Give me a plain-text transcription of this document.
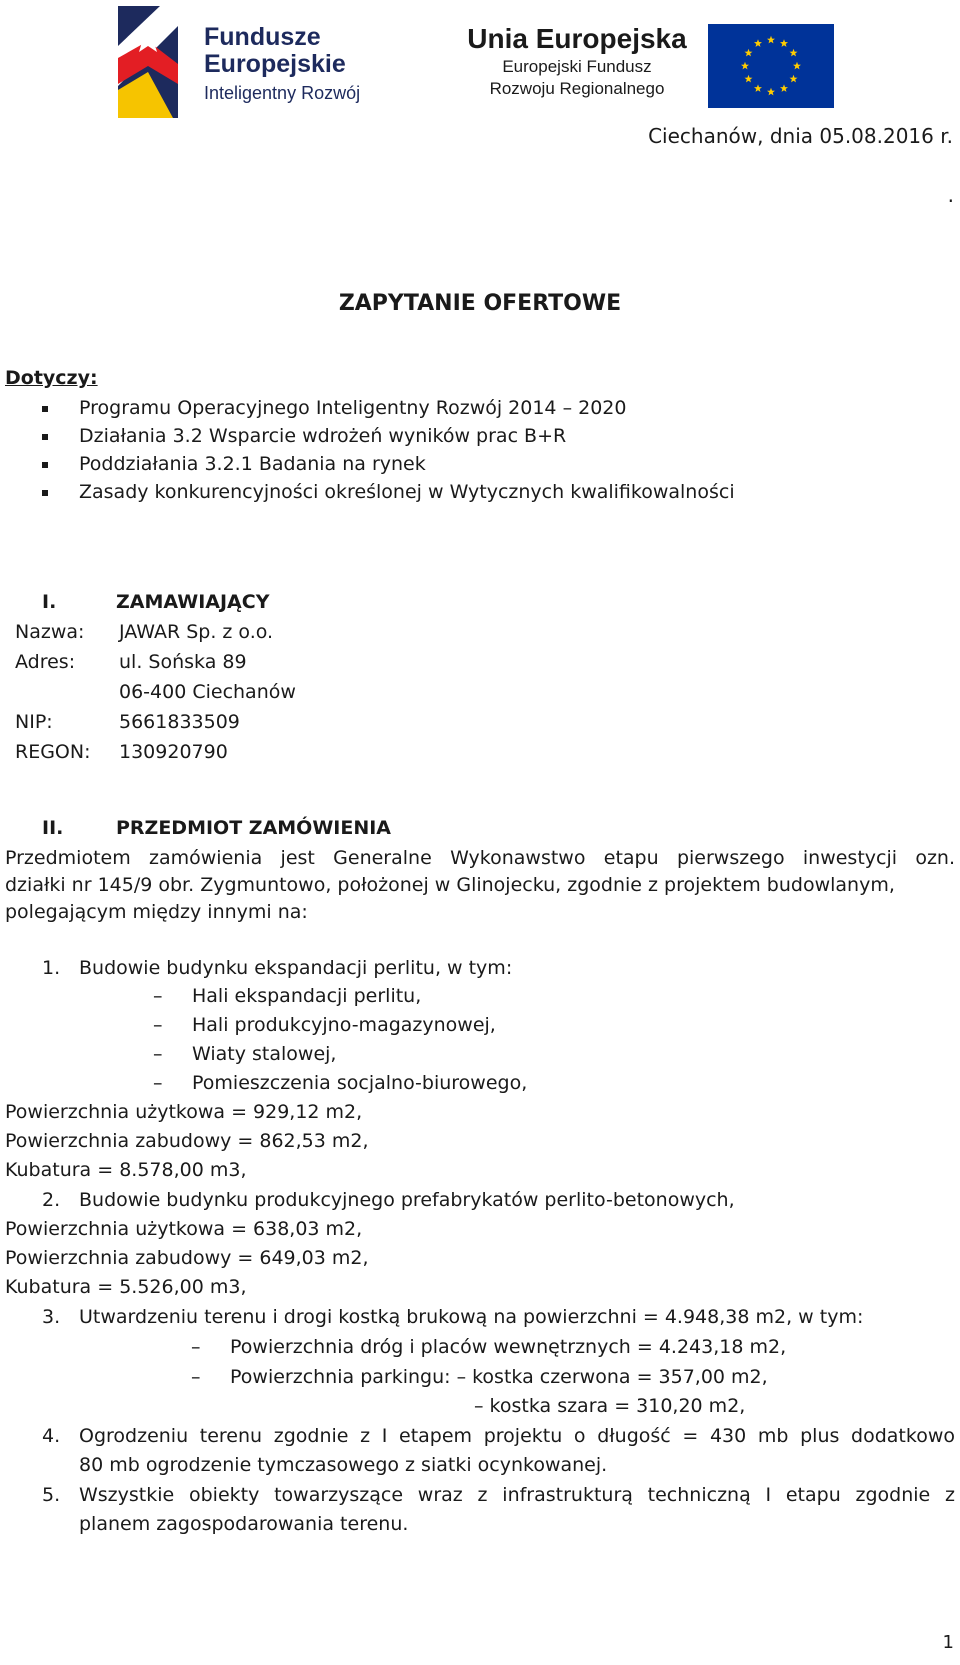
Fundusze
Europejskie
Inteligentny Rozwój
Unia Europejska
Europejski Fundusz
Rozwoju Regionalnego
Ciechanów, dnia 05.08.2016 r.
.
ZAPYTANIE OFERTOWE
Dotyczy:
Programu Operacyjnego Inteligentny Rozwój 2014 – 2020
Działania 3.2 Wsparcie wdrożeń wyników prac B+R
Poddziałania 3.2.1 Badania na rynek
Zasady konkurencyjności określonej w Wytycznych kwalifikowalności
I.	ZAMAWIAJĄCY
Nazwa: JAWAR Sp. z o.o.
Adres: ul. Sońska 89
06-400 Ciechanów
NIP:	5661833509
REGON: 130920790
II.	PRZEDMIOT ZAMÓWIENIA
Przedmiotem zamówienia jest Generalne Wykonawstwo etapu pierwszego inwestycji ozn.
działki nr 145/9 obr. Zygmuntowo, położonej w Glinojecku, zgodnie z projektem budowlanym,
polegającym między innymi na:
1. Budowie budynku ekspandacji perlitu, w tym:
– Hali ekspandacji perlitu,
– Hali produkcyjno-magazynowej,
– Wiaty stalowej,
– Pomieszczenia socjalno-biurowego,
Powierzchnia użytkowa = 929,12 m2,
Powierzchnia zabudowy = 862,53 m2,
Kubatura = 8.578,00 m3,
2. Budowie budynku produkcyjnego prefabrykatów perlito-betonowych,
Powierzchnia użytkowa = 638,03 m2,
Powierzchnia zabudowy = 649,03 m2,
Kubatura = 5.526,00 m3,
3. Utwardzeniu terenu i drogi kostką brukową na powierzchni = 4.948,38 m2, w tym:
– Powierzchnia dróg i placów wewnętrznych = 4.243,18 m2,
– Powierzchnia parkingu: – kostka czerwona = 357,00 m2,
– kostka szara = 310,20 m2,
4. Ogrodzeniu terenu zgodnie z I etapem projektu o długość = 430 mb plus dodatkowo
80 mb ogrodzenie tymczasowego z siatki ocynkowanej.
5. Wszystkie obiekty towarzyszące wraz z infrastrukturą techniczną I etapu zgodnie z
planem zagospodarowania terenu.
1
